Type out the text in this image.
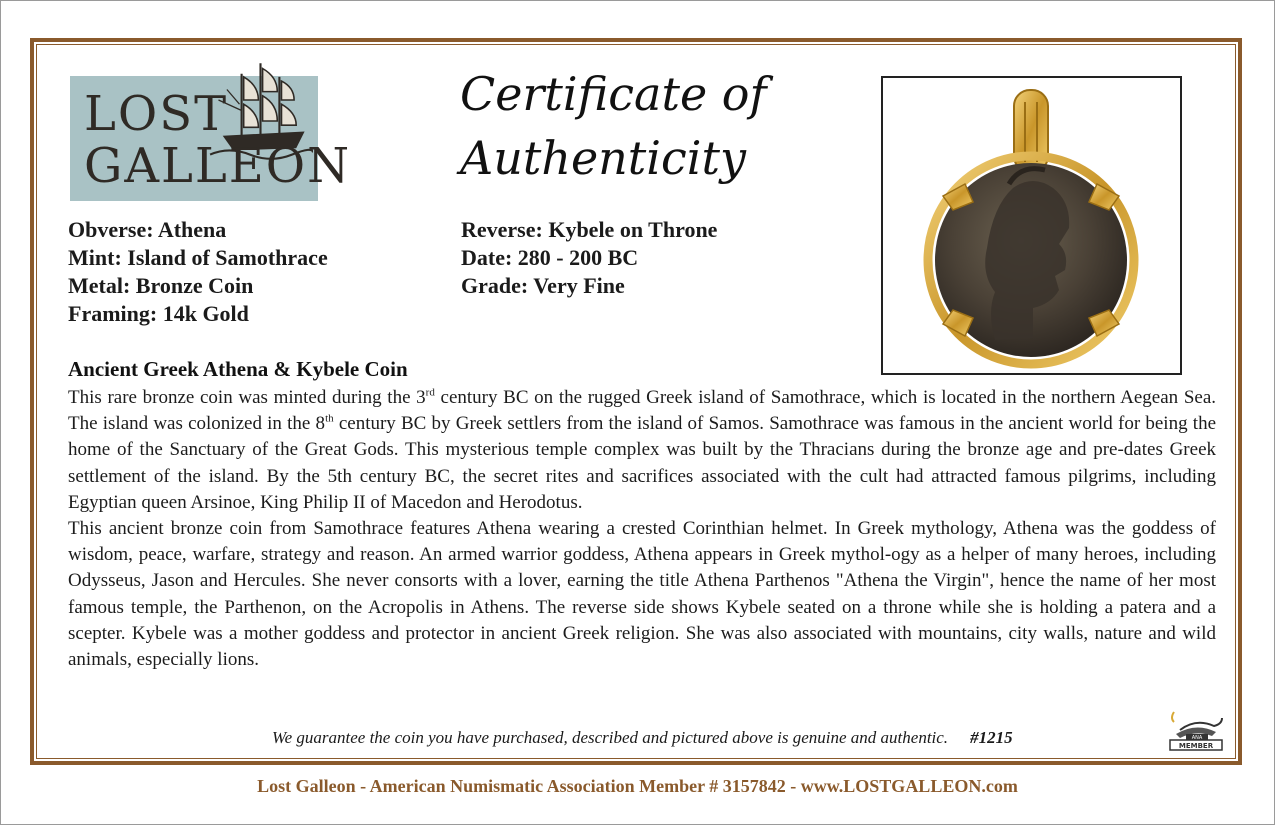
LOST
GALLEON
Certificate of
Authenticity
Obverse: Athena
Mint: Island of Samothrace
Metal: Bronze Coin
Framing: 14k Gold
Reverse: Kybele on Throne
Date: 280 - 200 BC
Grade: Very Fine
Ancient Greek Athena & Kybele Coin

This rare bronze coin was minted during the 3rd century BC on the rugged Greek island of Samothrace, which is located in the northern Aegean Sea. The island was colonized in the 8th century BC by Greek settlers from the island of Samos. Samothrace was famous in the ancient world for being the home of the Sanctuary of the Great Gods. This mysterious temple complex was built by the Thracians during the bronze age and pre-dates Greek settlement of the island. By the 5th century BC, the secret rites and sacrifices associated with the cult had attracted famous pilgrims, including Egyptian queen Arsinoe, King Philip II of Macedon and Herodotus.

This ancient bronze coin from Samothrace features Athena wearing a crested Corinthian helmet. In Greek mythology, Athena was the goddess of wisdom, peace, warfare, strategy and reason. An armed warrior goddess, Athena appears in Greek mythol-ogy as a helper of many heroes, including Odysseus, Jason and Hercules. She never consorts with a lover, earning the title Athena Parthenos "Athena the Virgin", hence the name of her most famous temple, the Parthenon, on the Acropolis in Athens. The reverse side shows Kybele seated on a throne while she is holding a patera and a scepter. Kybele was a mother goddess and protector in ancient Greek religion. She was also associated with mountains, city walls, nature and wild animals, especially lions.

We guarantee the coin you have purchased, described and pictured above is genuine and authentic. #1215	ANA
MEMBER
Lost Galleon - American Numismatic Association Member # 3157842 - www.LOSTGALLEON.com
